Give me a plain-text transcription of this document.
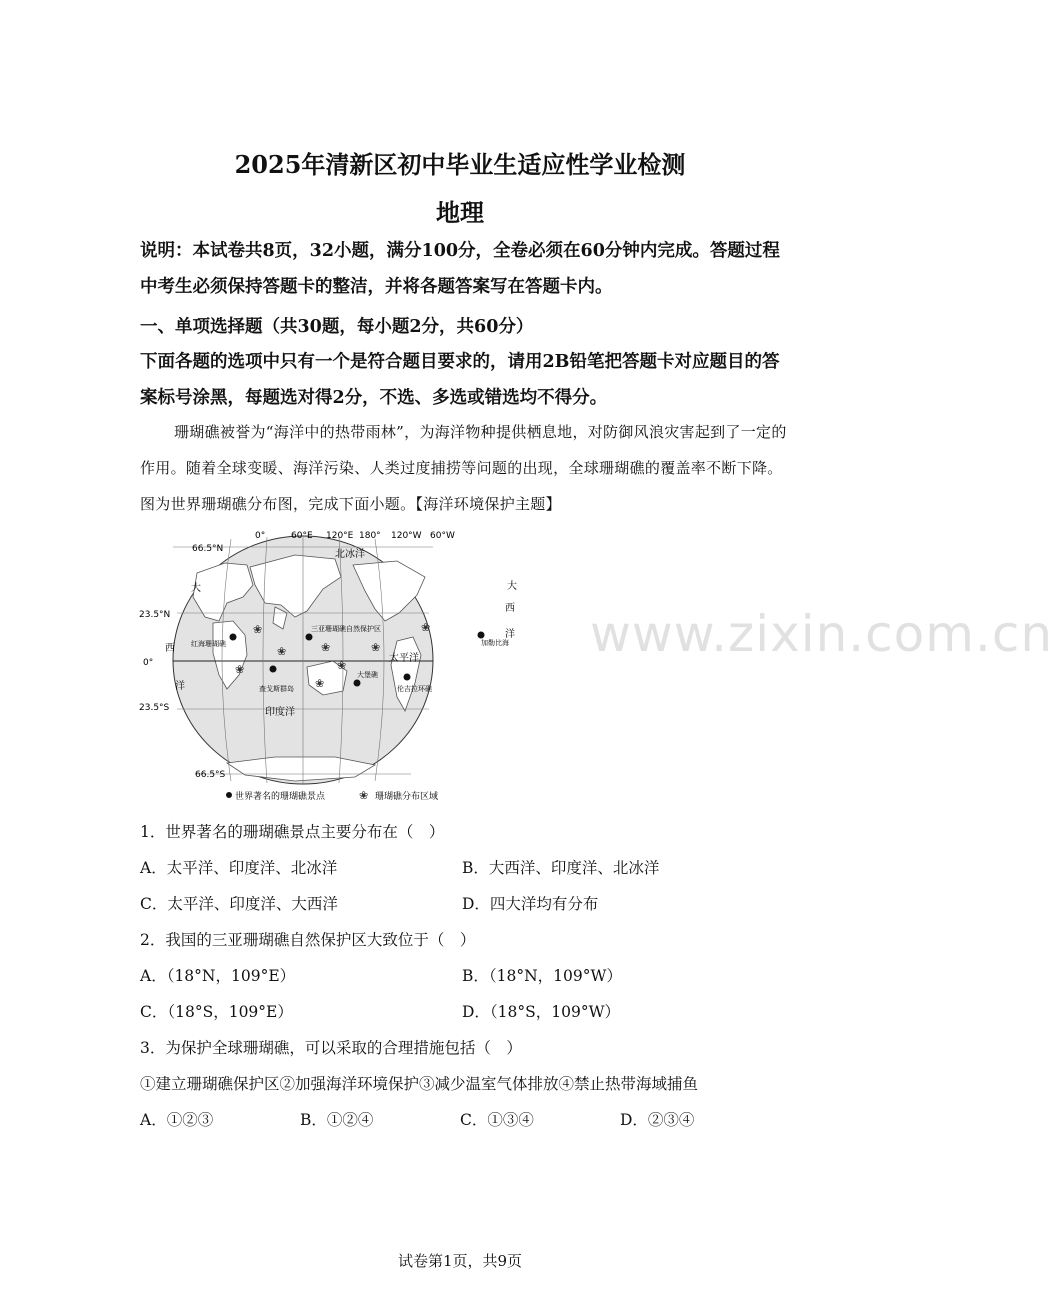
2025年清新区初中毕业生适应性学业检测
地理
说明：本试卷共8页，32小题，满分100分，全卷必须在60分钟内完成。答题过程中考生必须保持答题卡的整洁，并将各题答案写在答题卡内。
一、单项选择题（共30题，每小题2分，共60分）
下面各题的选项中只有一个是符合题目要求的，请用2B铅笔把答题卡对应题目的答案标号涂黑，每题选对得2分，不选、多选或错选均不得分。
珊瑚礁被誉为“海洋中的热带雨林”，为海洋物种提供栖息地，对防御风浪灾害起到了一定的作用。随着全球变暖、海洋污染、人类过度捕捞等问题的出现，全球珊瑚礁的覆盖率不断下降。图为世界珊瑚礁分布图，完成下面小题。【海洋环境保护主题】
0°	60°E 120°E 180° 120°W 60°W
66.5°N
23.5°N
0°
23.5°S
66.5°S
北冰洋
大
西
洋
大
西
洋
太平洋
印度洋
❀
❀
❀
❀
❀
❀
❀
❀
红海珊瑚礁
三亚珊瑚礁自然保护区
加勒比海
查戈斯群岛
大堡礁
伦吉拉环礁
世界著名的珊瑚礁景点	❀ 珊瑚礁分布区域
www.zixin.com.cn
1．世界著名的珊瑚礁景点主要分布在（　）
A．太平洋、印度洋、北冰洋	B．大西洋、印度洋、北冰洋
C．太平洋、印度洋、大西洋	D．四大洋均有分布
2．我国的三亚珊瑚礁自然保护区大致位于（　）
A．（18°N，109°E）	B．（18°N，109°W）
C．（18°S，109°E）	D．（18°S，109°W）
3．为保护全球珊瑚礁，可以采取的合理措施包括（　）
①建立珊瑚礁保护区②加强海洋环境保护③减少温室气体排放④禁止热带海域捕鱼
A．①②③	B．①②④	C．①③④	D．②③④
试卷第1页，共9页
